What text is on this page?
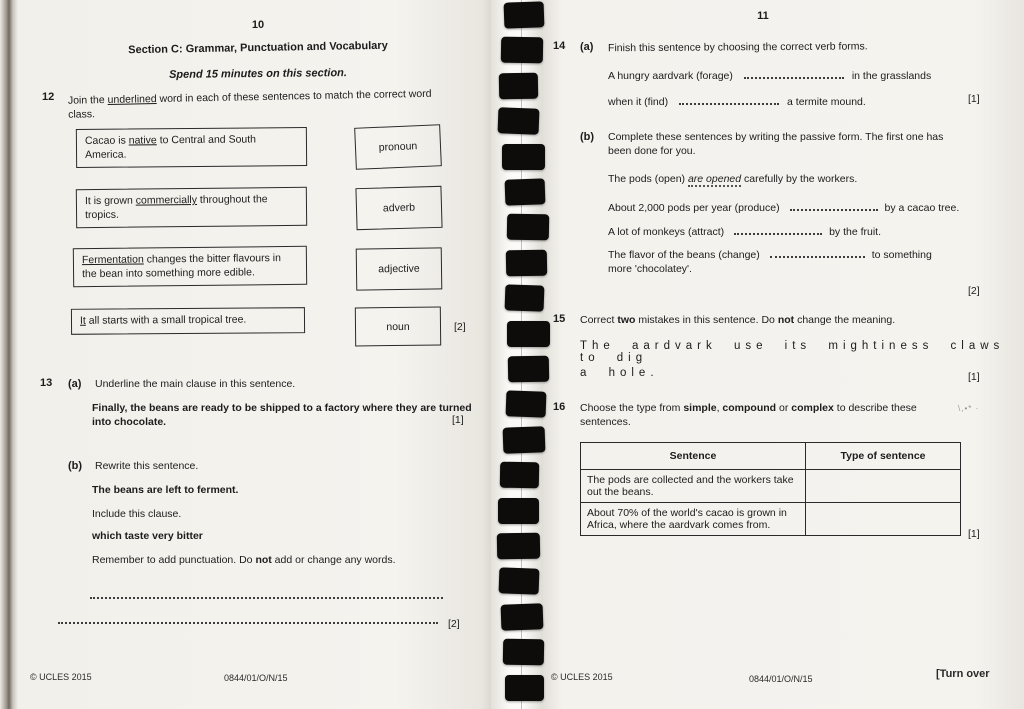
10
Section C: Grammar, Punctuation and Vocabulary
Spend 15 minutes on this section.
12 Join the underlined word in each of these sentences to match the correct word class.
Cacao is native to Central and South America.
pronoun
It is grown commercially throughout the tropics.
adverb
Fermentation changes the bitter flavours in the bean into something more edible.	adjective
It all starts with a small tropical tree.	noun	[2]
13 (a) Underline the main clause in this sentence.
Finally, the beans are ready to be shipped to a factory where they are turned into chocolate.	[1]
(b) Rewrite this sentence.
The beans are left to ferment.
Include this clause.
which taste very bitter
Remember to add punctuation. Do not add or change any words.
[2]
© UCLES 2015	0844/01/O/N/15
11
14 (a) Finish this sentence by choosing the correct verb forms.
A hungry aardvark (forage)	in the grasslands
when it (find)	a termite mound.	[1]
(b) Complete these sentences by writing the passive form. The first one has been done for you.
The pods (open) are opened carefully by the workers.
About 2,000 pods per year (produce)	by a cacao tree.
A lot of monkeys (attract)	by the fruit.
The flavor of the beans (change)	to something
more 'chocolatey'.
[2]
15 Correct two mistakes in this sentence. Do not change the meaning.
The aardvark use its mightiness claws to dig
a hole.	[1]
16 Choose the type from simple, compound or complex to describe these sentences.
\,•* ·
Sentence	Type of sentence
The pods are collected and the workers take out the beans.	
About 70% of the world's cacao is grown in Africa, where the aardvark comes from.	
[1]
© UCLES 2015	0844/01/O/N/15	[Turn over
